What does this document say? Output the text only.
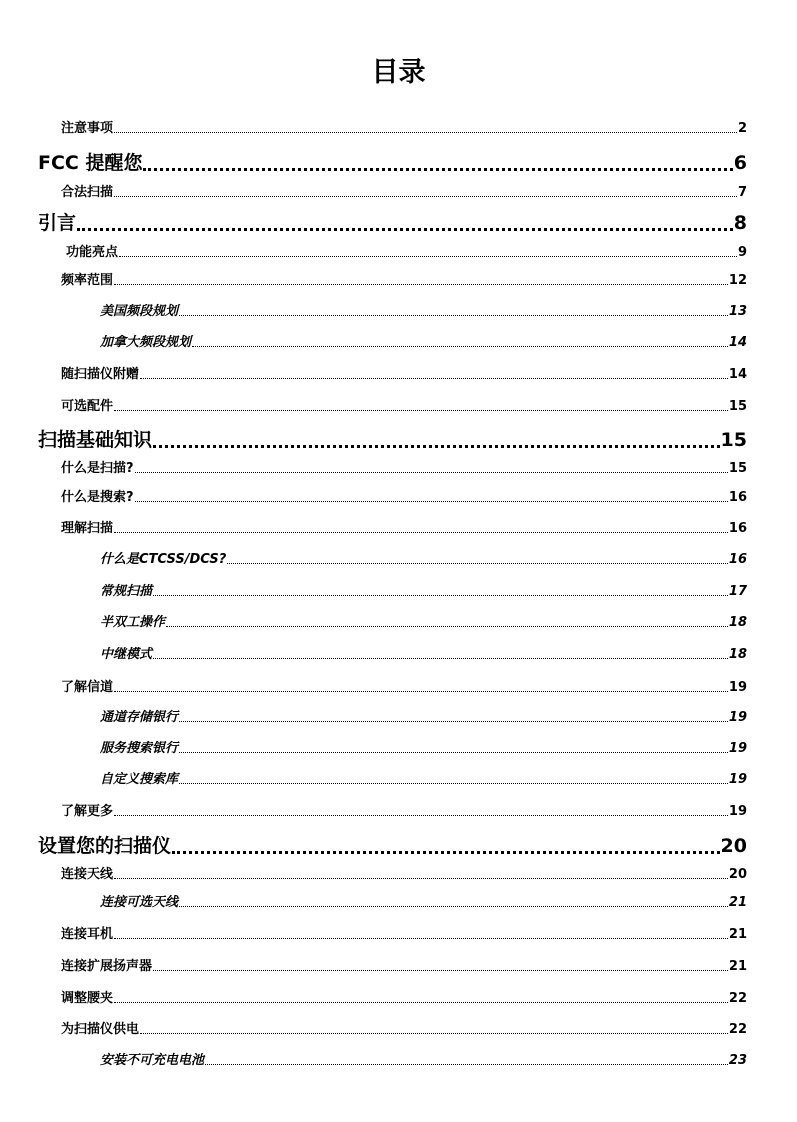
目录
注意事项	2
FCC 提醒您	6
合法扫描	7
引言	8
功能亮点	9
频率范围	12
美国频段规划	13
加拿大频段规划	14
随扫描仪附赠	14
可选配件	15
扫描基础知识	15
什么是扫描?	15
什么是搜索?	16
理解扫描	16
什么是CTCSS/DCS?	16
常规扫描	17
半双工操作	18
中继模式	18
了解信道	19
通道存储银行	19
服务搜索银行	19
自定义搜索库	19
了解更多	19
设置您的扫描仪	20
连接天线	20
连接可选天线	21
连接耳机	21
连接扩展扬声器	21
调整腰夹	22
为扫描仪供电	22
安装不可充电电池	23
